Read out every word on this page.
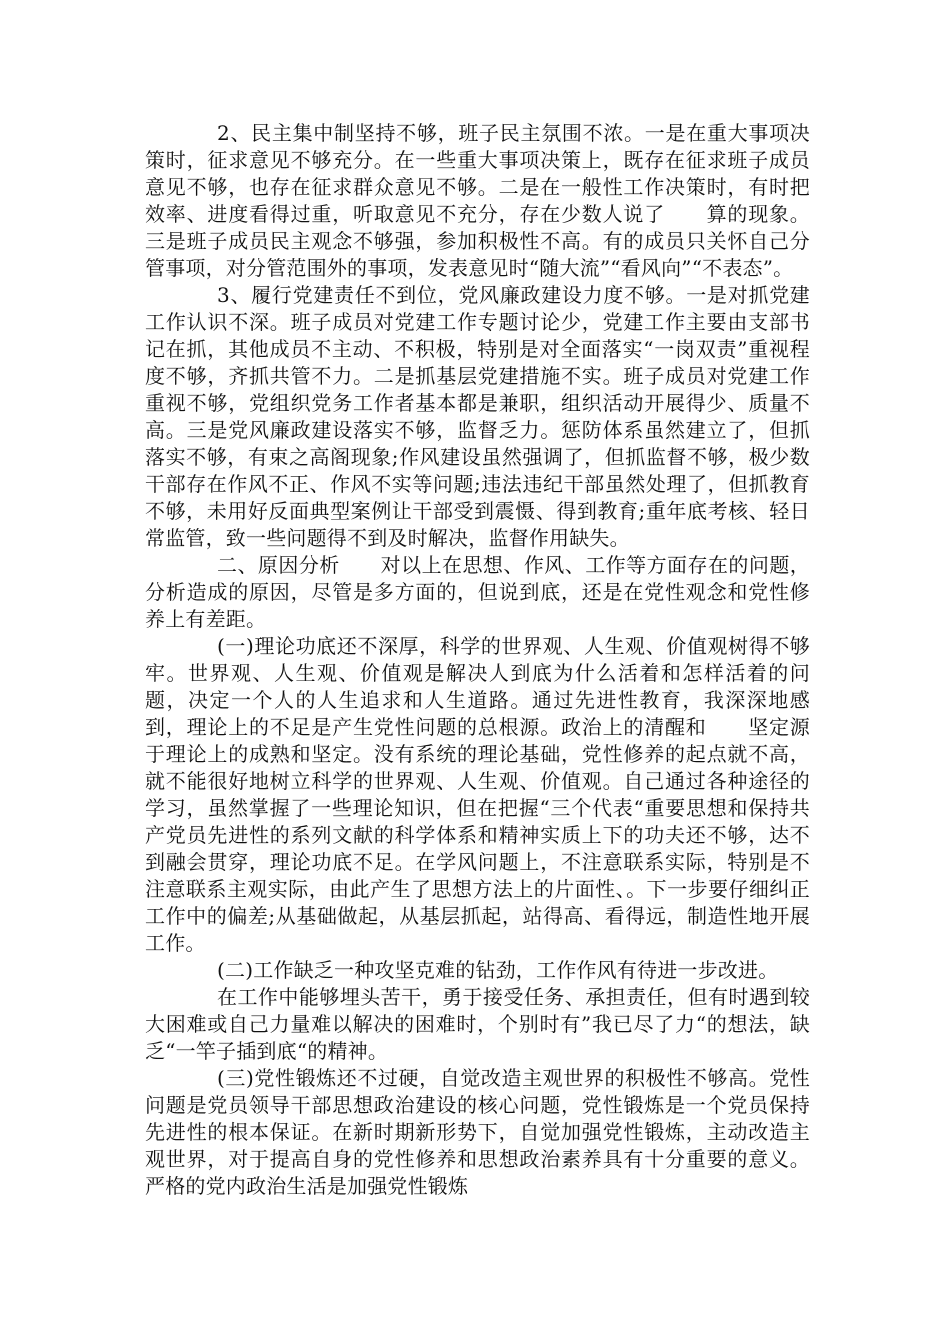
2、民主集中制坚持不够，班子民主氛围不浓。一是在重大事项决策时，征求意见不够充分。在一些重大事项决策上，既存在征求班子成员意见不够，也存在征求群众意见不够。二是在一般性工作决策时，有时把效率、进度看得过重，听取意见不充分，存在少数人说了　　算的现象。三是班子成员民主观念不够强，参加积极性不高。有的成员只关怀自己分管事项，对分管范围外的事项，发表意见时“随大流”“看风向”“不表态”。

3、履行党建责任不到位，党风廉政建设力度不够。一是对抓党建工作认识不深。班子成员对党建工作专题讨论少，党建工作主要由支部书记在抓，其他成员不主动、不积极，特别是对全面落实“一岗双责”重视程度不够，齐抓共管不力。二是抓基层党建措施不实。班子成员对党建工作重视不够，党组织党务工作者基本都是兼职，组织活动开展得少、质量不高。三是党风廉政建设落实不够，监督乏力。惩防体系虽然建立了，但抓落实不够，有束之高阁现象;作风建设虽然强调了，但抓监督不够，极少数干部存在作风不正、作风不实等问题;违法违纪干部虽然处理了，但抓教育不够，未用好反面典型案例让干部受到震慑、得到教育;重年底考核、轻日常监管，致一些问题得不到及时解决，监督作用缺失。

二、原因分析　　对以上在思想、作风、工作等方面存在的问题，分析造成的原因，尽管是多方面的，但说到底，还是在党性观念和党性修养上有差距。

(一)理论功底还不深厚，科学的世界观、人生观、价值观树得不够牢。世界观、人生观、价值观是解决人到底为什么活着和怎样活着的问题，决定一个人的人生追求和人生道路。通过先进性教育，我深深地感到，理论上的不足是产生党性问题的总根源。政治上的清醒和　　坚定源于理论上的成熟和坚定。没有系统的理论基础，党性修养的起点就不高，就不能很好地树立科学的世界观、人生观、价值观。自己通过各种途径的学习，虽然掌握了一些理论知识，但在把握“三个代表“重要思想和保持共产党员先进性的系列文献的科学体系和精神实质上下的功夫还不够，达不到融会贯穿，理论功底不足。在学风问题上，不注意联系实际，特别是不注意联系主观实际，由此产生了思想方法上的片面性、。下一步要仔细纠正工作中的偏差;从基础做起，从基层抓起，站得高、看得远，制造性地开展工作。

(二)工作缺乏一种攻坚克难的钻劲，工作作风有待进一步改进。

在工作中能够埋头苦干，勇于接受任务、承担责任，但有时遇到较大困难或自己力量难以解决的困难时，个别时有”我已尽了力“的想法，缺乏“一竿子插到底“的精神。

(三)党性锻炼还不过硬，自觉改造主观世界的积极性不够高。党性问题是党员领导干部思想政治建设的核心问题，党性锻炼是一个党员保持先进性的根本保证。在新时期新形势下，自觉加强党性锻炼，主动改造主观世界，对于提高自身的党性修养和思想政治素养具有十分重要的意义。严格的党内政治生活是加强党性锻炼
